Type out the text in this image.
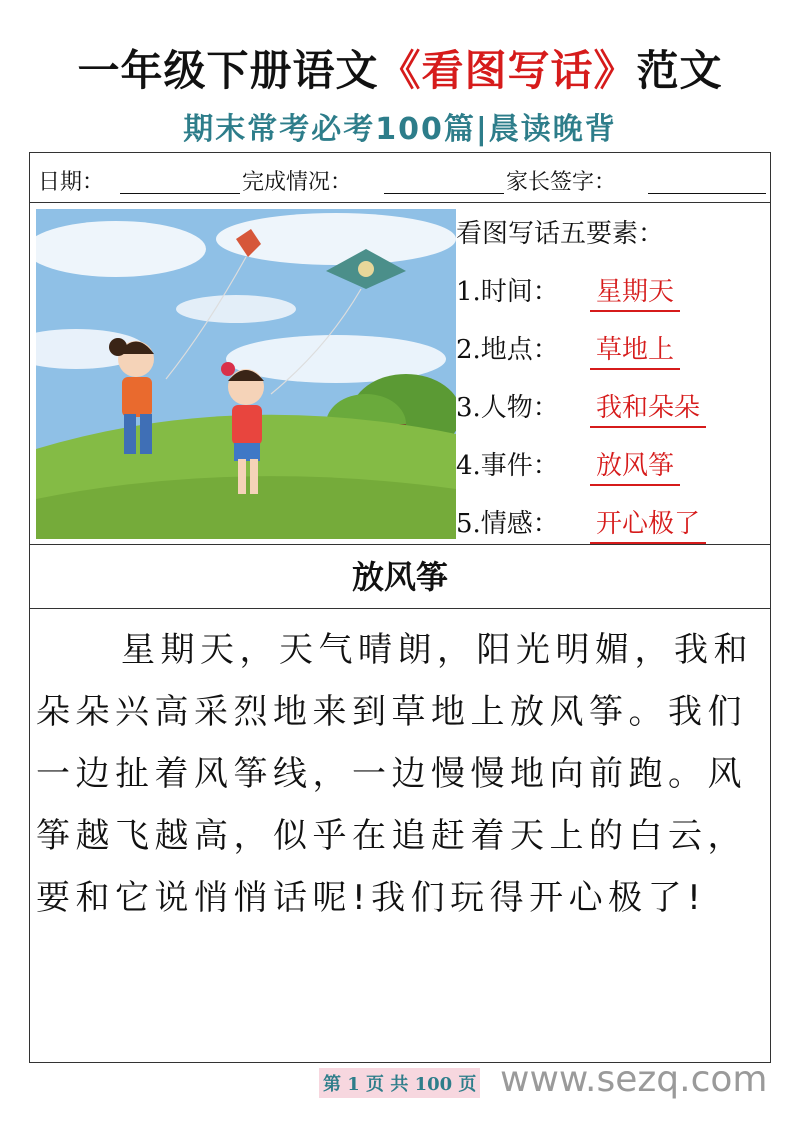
一年级下册语文《看图写话》范文
期末常考必考100篇|晨读晚背
日期：	完成情况：	家长签字：
看图写话五要素：
1.时间： 星期天
2.地点： 草地上
3.人物： 我和朵朵
4.事件： 放风筝
5.情感： 开心极了
放风筝
星期天，天气晴朗，阳光明媚，我和朵朵兴高采烈地来到草地上放风筝。我们一边扯着风筝线，一边慢慢地向前跑。风筝越飞越高，似乎在追赶着天上的白云，要和它说悄悄话呢!我们玩得开心极了!
第 1 页 共 100 页 www.sezq.com
